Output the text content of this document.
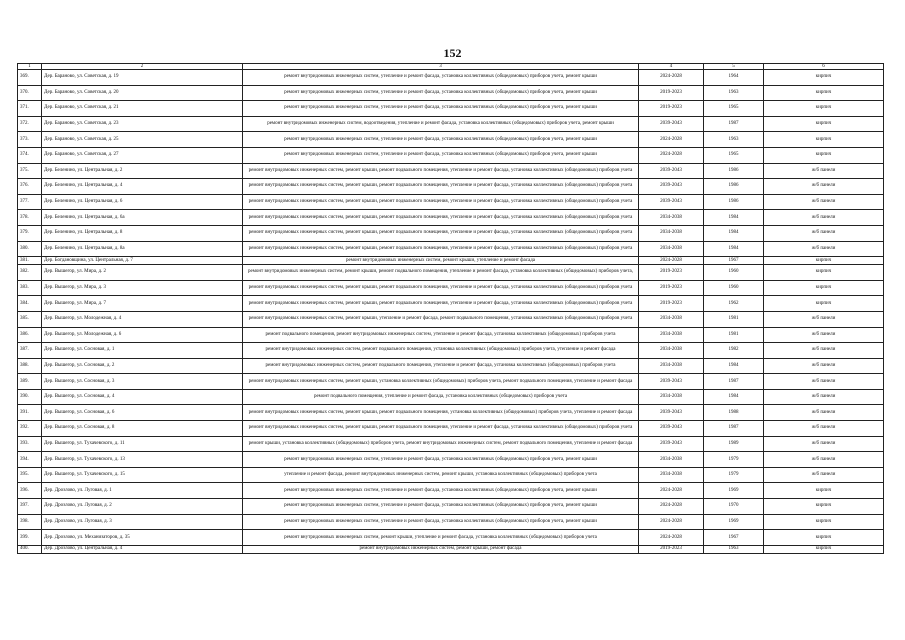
152
1	2	3	4	5	6
369.	Дер. Бараново, ул. Советская, д. 19	ремонт внутридомовых инженерных систем, утепление и ремонт фасада, установка коллективных (общедомовых) приборов учета, ремонт крыши	2024-2028	1964	кирпич
370.	Дер. Бараново, ул. Советская, д. 20	ремонт внутридомовых инженерных систем, утепление и ремонт фасада, установка коллективных (общедомовых) приборов учета, ремонт крыши	2019-2023	1963	кирпич
371.	Дер. Бараново, ул. Советская, д. 21	ремонт внутридомовых инженерных систем, утепление и ремонт фасада, установка коллективных (общедомовых) приборов учета, ремонт крыши	2019-2023	1965	кирпич
372.	Дер. Бараново, ул. Советская, д. 23	ремонт внутридомовых инженерных систем, водоотведения, утепление и ремонт фасада, установка коллективных (общедомовых) приборов учета, ремонт крыши	2039-2043	1987	кирпич
373.	Дер. Бараново, ул. Советская, д. 25	ремонт внутридомовых инженерных систем, утепление и ремонт фасада, установка коллективных (общедомовых) приборов учета, ремонт крыши	2024-2028	1963	кирпич
374.	Дер. Бараново, ул. Советская, д. 27	ремонт внутридомовых инженерных систем, утепление и ремонт фасада, установка коллективных (общедомовых) приборов учета, ремонт крыши	2024-2028	1965	кирпич
375.	Дер. Беленино, ул. Центральная, д. 2	ремонт внутридомовых инженерных систем, ремонт крыши, ремонт подвального помещения, утепление и ремонт фасада, установка коллективных (общедомовых) приборов учета	2039-2043	1986	ж/б панели
376.	Дер. Беленино, ул. Центральная, д. 4	ремонт внутридомовых инженерных систем, ремонт крыши, ремонт подвального помещения, утепление и ремонт фасада, установка коллективных (общедомовых) приборов учета	2039-2043	1986	ж/б панели
377.	Дер. Беленино, ул. Центральная, д. 6	ремонт внутридомовых инженерных систем, ремонт крыши, ремонт подвального помещения, утепление и ремонт фасада, установка коллективных (общедомовых) приборов учета	2039-2043	1986	ж/б панели
378.	Дер. Беленино, ул. Центральная, д. 6а	ремонт внутридомовых инженерных систем, ремонт крыши, ремонт подвального помещения, утепление и ремонт фасада, установка коллективных (общедомовых) приборов учета	2034-2038	1984	ж/б панели
379.	Дер. Беленино, ул. Центральная, д. 8	ремонт внутридомовых инженерных систем, ремонт крыши, ремонт подвального помещения, утепление и ремонт фасада, установка коллективных (общедомовых) приборов учета	2034-2038	1984	ж/б панели
380.	Дер. Беленино, ул. Центральная, д. 8а	ремонт внутридомовых инженерных систем, ремонт крыши, ремонт подвального помещения, утепление и ремонт фасада, установка коллективных (общедомовых) приборов учета	2034-2038	1984	ж/б панели
381.	Дер. Богдановщина, ул. Центральная, д. 7	ремонт внутридомовых инженерных систем, ремонт крыши, утепление и ремонт фасада	2024-2028	1967	кирпич
382.	Дер. Вышегор, ул. Мира, д. 2	ремонт внутридомовых инженерных систем, ремонт крыши, ремонт подвального помещения, утепление и ремонт фасада, установка коллективных (общедомовых) приборов учета,	2019-2023	1960	кирпич
383.	Дер. Вышегор, ул. Мира, д. 3	ремонт внутридомовых инженерных систем, ремонт крыши, ремонт подвального помещения, утепление и ремонт фасада, установка коллективных (общедомовых) приборов учета	2019-2023	1960	кирпич
384.	Дер. Вышегор, ул. Мира, д. 7	ремонт внутридомовых инженерных систем, ремонт крыши, ремонт подвального помещения, утепление и ремонт фасада, установка коллективных (общедомовых) приборов учета	2019-2023	1962	кирпич
385.	Дер. Вышегор, ул. Молодежная, д. 4	ремонт внутридомовых инженерных систем, ремонт крыши, утепление и ремонт фасада, ремонт подвального помещения, установка коллективных (общедомовых) приборов учета	2034-2038	1981	ж/б панели
386.	Дер. Вышегор, ул. Молодежная, д. 6	ремонт подвального помещения, ремонт внутридомовых инженерных систем, утепление и ремонт фасада, установка коллективных (общедомовых) приборов учета	2034-2038	1981	ж/б панели
387.	Дер. Вышегор, ул. Сосновая, д. 1	ремонт внутридомовых инженерных систем, ремонт подвального помещения, установка коллективных (общедомовых) приборов учета, утепление и ремонт фасада	2034-2038	1982	ж/б панели
388.	Дер. Вышегор, ул. Сосновая, д. 2	ремонт внутридомовых инженерных систем, ремонт подвального помещения, утепление и ремонт фасада, установка коллективных (общедомовых) приборов учета	2034-2038	1984	ж/б панели
389.	Дер. Вышегор, ул. Сосновая, д. 3	ремонт внутридомовых инженерных систем, ремонт крыши, установка коллективных (общедомовых) приборов учета, ремонт подвального помещения, утепление и ремонт фасада	2039-2043	1987	ж/б панели
390.	Дер. Вышегор, ул. Сосновая, д. 4	ремонт подвального помещения, утепление и ремонт фасада, установка коллективных (общедомовых) приборов учета	2034-2038	1984	ж/б панели
391.	Дер. Вышегор, ул. Сосновая, д. 6	ремонт внутридомовых инженерных систем, ремонт крыши, ремонт подвального помещения, установка коллективных (общедомовых) приборов учета, утепление и ремонт фасада	2039-2043	1988	ж/б панели
392.	Дер. Вышегор, ул. Сосновая, д. 8	ремонт внутридомовых инженерных систем, ремонт крыши, ремонт подвального помещения, утепление и ремонт фасада, установка коллективных (общедомовых) приборов учета	2039-2043	1987	ж/б панели
393.	Дер. Вышегор, ул. Тухачевского, д. 11	ремонт крыши, установка коллективных (общедомовых) приборов учета, ремонт внутридомовых инженерных систем, ремонт подвального помещения, утепление и ремонт фасада	2039-2043	1989	ж/б панели
394.	Дер. Вышегор, ул. Тухачевского, д. 13	ремонт внутридомовых инженерных систем, утепление и ремонт фасада, установка коллективных (общедомовых) приборов учета, ремонт крыши	2034-2038	1979	ж/б панели
395.	Дер. Вышегор, ул. Тухачевского, д. 15	утепление и ремонт фасада, ремонт внутридомовых инженерных систем, ремонт крыши, установка коллективных (общедомовых) приборов учета	2034-2038	1979	ж/б панели
396.	Дер. Дрозлово, ул. Луговая, д. 1	ремонт внутридомовых инженерных систем, утепление и ремонт фасада, установка коллективных (общедомовых) приборов учета, ремонт крыши	2024-2028	1969	кирпич
397.	Дер. Дрозлово, ул. Луговая, д. 2	ремонт внутридомовых инженерных систем, утепление и ремонт фасада, установка коллективных (общедомовых) приборов учета, ремонт крыши	2024-2028	1970	кирпич
398.	Дер. Дрозлово, ул. Луговая, д. 3	ремонт внутридомовых инженерных систем, утепление и ремонт фасада, установка коллективных (общедомовых) приборов учета, ремонт крыши	2024-2028	1969	кирпич
399.	Дер. Дрозлово, ул. Механизаторов, д. 35	ремонт внутридомовых инженерных систем, ремонт крыши, утепление и ремонт фасада, установка коллективных (общедомовых) приборов учета	2024-2028	1967	кирпич
400.	Дер. Дрозлово, ул. Центральная, д. 4	ремонт внутридомовых инженерных систем, ремонт крыши, ремонт фасада	2019-2023	1963	кирпич
